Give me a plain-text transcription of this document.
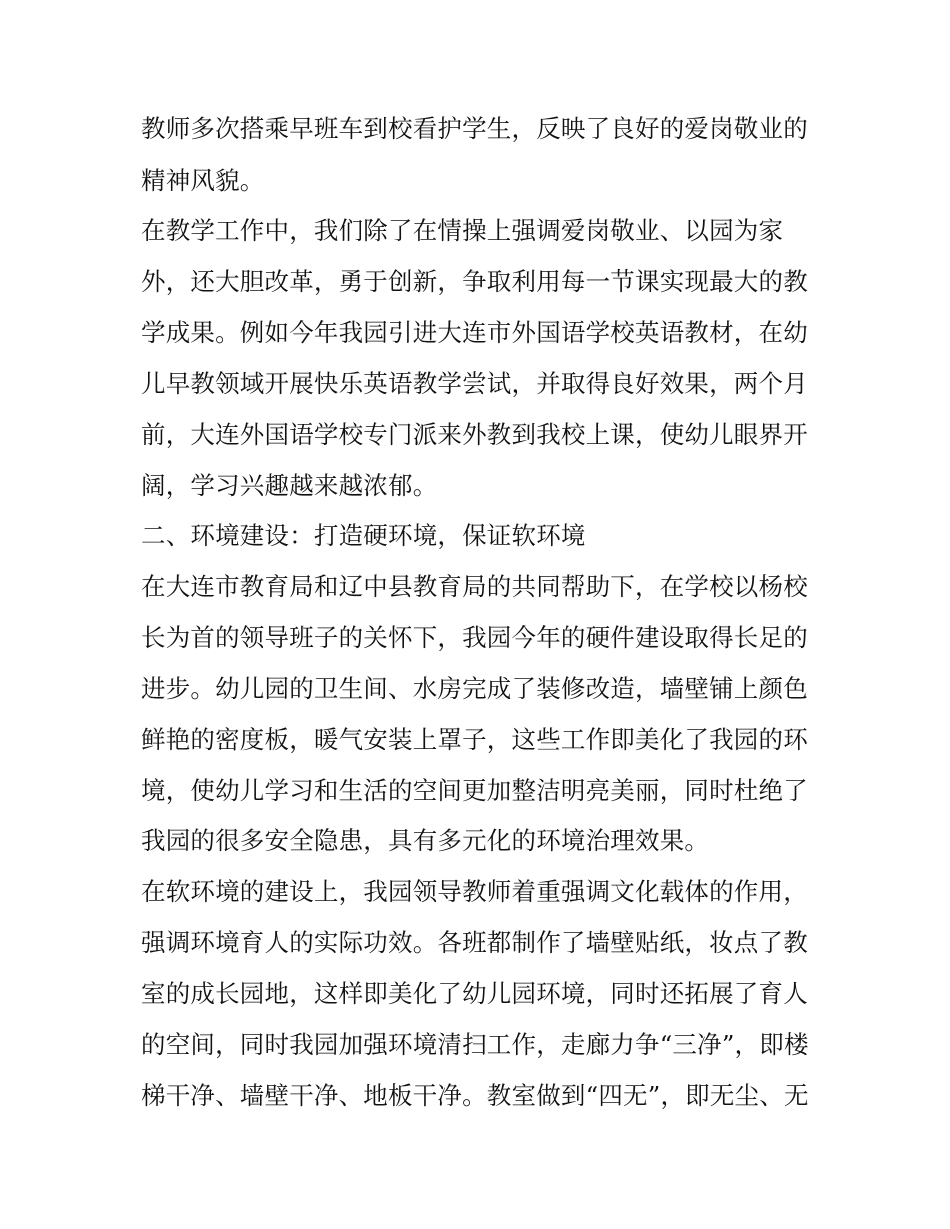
教师多次搭乘早班车到校看护学生，反映了良好的爱岗敬业的
精神风貌。
在教学工作中，我们除了在情操上强调爱岗敬业、以园为家
外，还大胆改革，勇于创新，争取利用每一节课实现最大的教
学成果。例如今年我园引进大连市外国语学校英语教材，在幼
儿早教领域开展快乐英语教学尝试，并取得良好效果，两个月
前，大连外国语学校专门派来外教到我校上课，使幼儿眼界开
阔，学习兴趣越来越浓郁。
二、环境建设：打造硬环境，保证软环境
在大连市教育局和辽中县教育局的共同帮助下，在学校以杨校
长为首的领导班子的关怀下，我园今年的硬件建设取得长足的
进步。幼儿园的卫生间、水房完成了装修改造，墙壁铺上颜色
鲜艳的密度板，暖气安装上罩子，这些工作即美化了我园的环
境，使幼儿学习和生活的空间更加整洁明亮美丽，同时杜绝了
我园的很多安全隐患，具有多元化的环境治理效果。
在软环境的建设上，我园领导教师着重强调文化载体的作用，
强调环境育人的实际功效。各班都制作了墙壁贴纸，妆点了教
室的成长园地，这样即美化了幼儿园环境，同时还拓展了育人
的空间，同时我园加强环境清扫工作，走廊力争“三净”，即楼
梯干净、墙壁干净、地板干净。教室做到“四无”，即无尘、无
